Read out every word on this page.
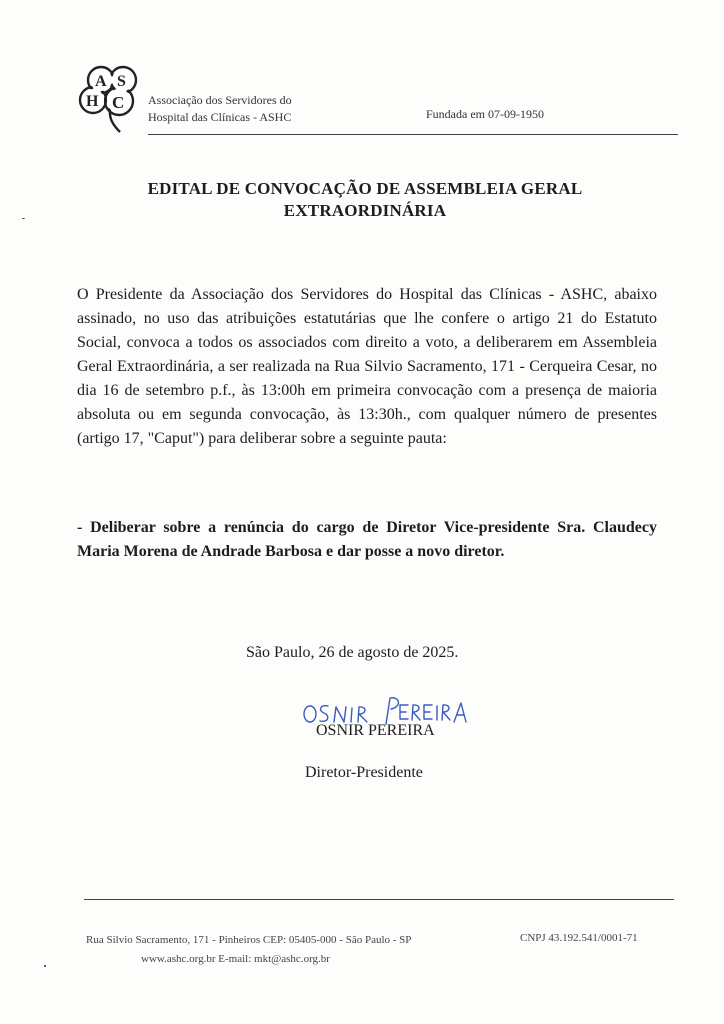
A S
H C Associação dos Servidores do
Hospital das Clínicas - ASHC	Fundada em 07-09-1950
EDITAL DE CONVOCAÇÃO DE ASSEMBLEIA GERAL
EXTRAORDINÁRIA
O Presidente da Associação dos Servidores do Hospital das Clínicas - ASHC, abaixo assinado, no uso das atribuições estatutárias que lhe confere o artigo 21 do Estatuto Social, convoca a todos os associados com direito a voto, a deliberarem em Assembleia Geral Extraordinária, a ser realizada na Rua Silvio Sacramento, 171 - Cerqueira Cesar, no dia 16 de setembro p.f., às 13:00h em primeira convocação com a presença de maioria absoluta ou em segunda convocação, às 13:30h., com qualquer número de presentes (artigo 17, "Caput") para deliberar sobre a seguinte pauta:
- Deliberar sobre a renúncia do cargo de Diretor Vice-presidente Sra. Claudecy Maria Morena de Andrade Barbosa e dar posse a novo diretor.
São Paulo, 26 de agosto de 2025.
OSNIR PEREIRA
Diretor-Presidente
Rua Silvio Sacramento, 171 - Pinheiros CEP: 05405-000 - São Paulo - SP	CNPJ 43.192.541/0001-71
www.ashc.org.br E-mail: mkt@ashc.org.br
